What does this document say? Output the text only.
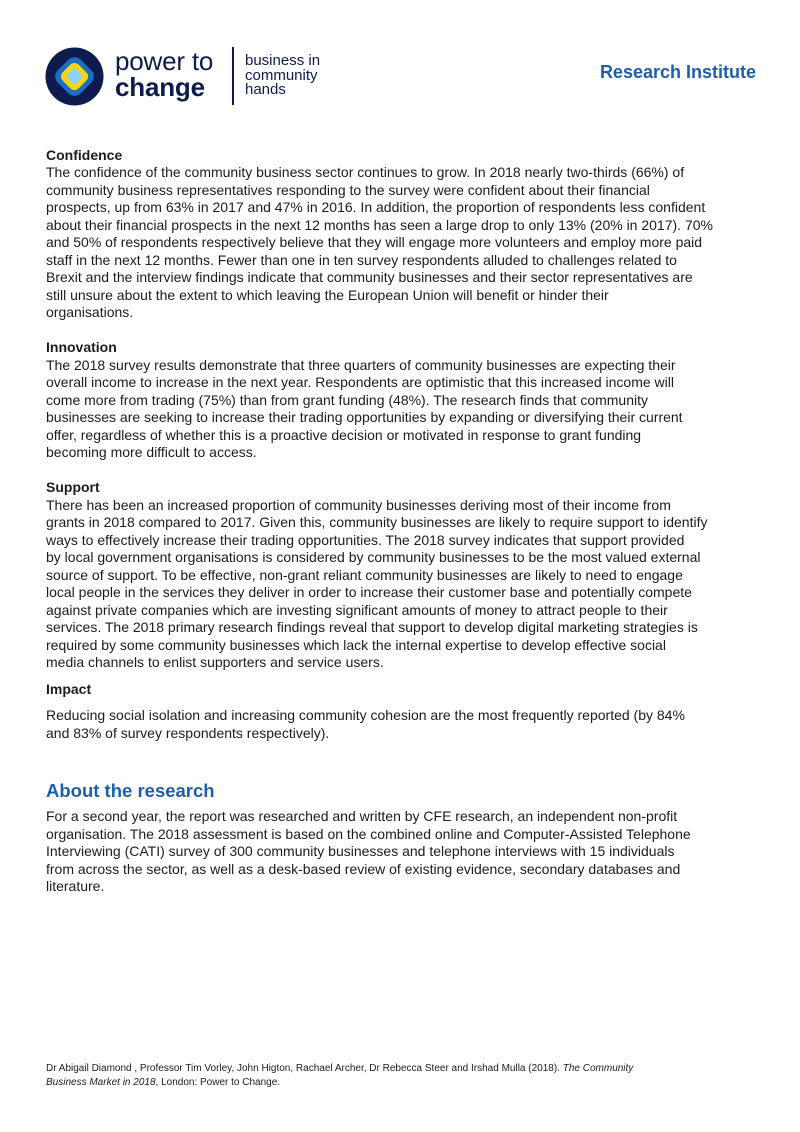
power to
change
business in
community
hands
Research Institute
Confidence
The confidence of the community business sector continues to grow. In 2018 nearly two-thirds (66%) of
community business representatives responding to the survey were confident about their financial
prospects, up from 63% in 2017 and 47% in 2016. In addition, the proportion of respondents less confident
about their financial prospects in the next 12 months has seen a large drop to only 13% (20% in 2017). 70%
and 50% of respondents respectively believe that they will engage more volunteers and employ more paid
staff in the next 12 months. Fewer than one in ten survey respondents alluded to challenges related to
Brexit and the interview findings indicate that community businesses and their sector representatives are
still unsure about the extent to which leaving the European Union will benefit or hinder their
organisations.
Innovation
The 2018 survey results demonstrate that three quarters of community businesses are expecting their
overall income to increase in the next year. Respondents are optimistic that this increased income will
come more from trading (75%) than from grant funding (48%). The research finds that community
businesses are seeking to increase their trading opportunities by expanding or diversifying their current
offer, regardless of whether this is a proactive decision or motivated in response to grant funding
becoming more difficult to access.
Support
There has been an increased proportion of community businesses deriving most of their income from
grants in 2018 compared to 2017. Given this, community businesses are likely to require support to identify
ways to effectively increase their trading opportunities. The 2018 survey indicates that support provided
by local government organisations is considered by community businesses to be the most valued external
source of support. To be effective, non-grant reliant community businesses are likely to need to engage
local people in the services they deliver in order to increase their customer base and potentially compete
against private companies which are investing significant amounts of money to attract people to their
services. The 2018 primary research findings reveal that support to develop digital marketing strategies is
required by some community businesses which lack the internal expertise to develop effective social
media channels to enlist supporters and service users.
Impact
Reducing social isolation and increasing community cohesion are the most frequently reported (by 84%
and 83% of survey respondents respectively).
About the research
For a second year, the report was researched and written by CFE research, an independent non-profit
organisation. The 2018 assessment is based on the combined online and Computer-Assisted Telephone
Interviewing (CATI) survey of 300 community businesses and telephone interviews with 15 individuals
from across the sector, as well as a desk-based review of existing evidence, secondary databases and
literature.
Dr Abigail Diamond , Professor Tim Vorley, John Higton, Rachael Archer, Dr Rebecca Steer and Irshad Mulla (2018). The Community
Business Market in 2018, London: Power to Change.
